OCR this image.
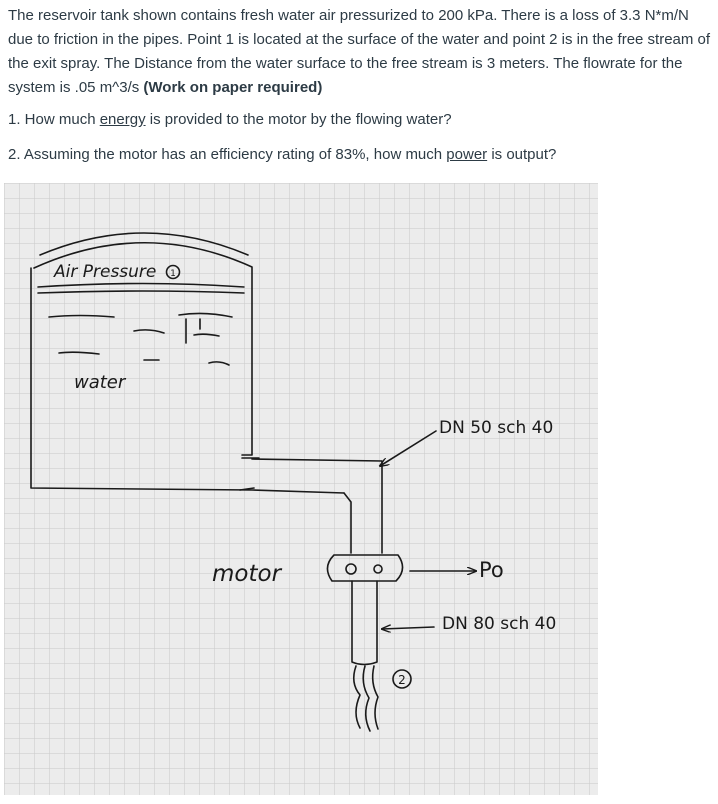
The reservoir tank shown contains fresh water air pressurized to 200 kPa. There is a loss of 3.3 N*m/N due to friction in the pipes. Point 1 is located at the surface of the water and point 2 is in the free stream of the exit spray. The Distance from the water surface to the free stream is 3 meters. The flowrate for the system is .05 m^3/s (Work on paper required)

1. How much energy is provided to the motor by the flowing water?

2. Assuming the motor has an efficiency rating of 83%, how much power is output?

Air Pressure 1
water
DN 50 sch 40
motor	Po
DN 80 sch 40
2
